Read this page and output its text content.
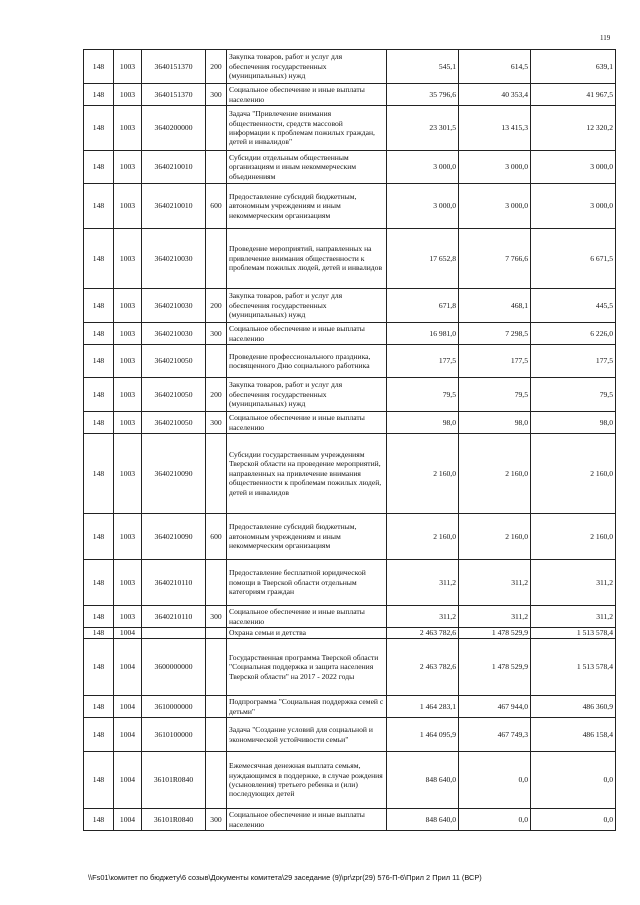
119
148	1003	3640151370	200	Закупка товаров, работ и услуг для обеспечения государственных (муниципальных) нужд	545,1	614,5	639,1
148	1003	3640151370	300	Социальное обеспечение и иные выплаты населению	35 796,6	40 353,4	41 967,5
148	1003	3640200000		Задача "Привлечение внимания общественности, средств массовой информации к проблемам пожилых граждан, детей и инвалидов"	23 301,5	13 415,3	12 320,2
148	1003	3640210010		Субсидии отдельным общественным организациям и иным некоммерческим объединениям	3 000,0	3 000,0	3 000,0
148	1003	3640210010	600	Предоставление субсидий бюджетным, автономным учреждениям и иным некоммерческим организациям	3 000,0	3 000,0	3 000,0
148	1003	3640210030		Проведение мероприятий, направленных на привлечение внимания общественности к проблемам пожилых людей, детей и инвалидов	17 652,8	7 766,6	6 671,5
148	1003	3640210030	200	Закупка товаров, работ и услуг для обеспечения государственных (муниципальных) нужд	671,8	468,1	445,5
148	1003	3640210030	300	Социальное обеспечение и иные выплаты населению	16 981,0	7 298,5	6 226,0
148	1003	3640210050		Проведение профессионального праздника, посвященного Дню социального работника	177,5	177,5	177,5
148	1003	3640210050	200	Закупка товаров, работ и услуг для обеспечения государственных (муниципальных) нужд	79,5	79,5	79,5
148	1003	3640210050	300	Социальное обеспечение и иные выплаты населению	98,0	98,0	98,0
148	1003	3640210090		Субсидии государственным учреждениям Тверской области на проведение мероприятий, направленных на привлечение внимания общественности к проблемам пожилых людей, детей и инвалидов	2 160,0	2 160,0	2 160,0
148	1003	3640210090	600	Предоставление субсидий бюджетным, автономным учреждениям и иным некоммерческим организациям	2 160,0	2 160,0	2 160,0
148	1003	3640210110		Предоставление бесплатной юридической помощи в Тверской области отдельным категориям граждан	311,2	311,2	311,2
148	1003	3640210110	300	Социальное обеспечение и иные выплаты населению	311,2	311,2	311,2
148	1004			Охрана семьи и детства	2 463 782,6	1 478 529,9	1 513 578,4
148	1004	3600000000		Государственная программа Тверской области "Социальная поддержка и защита населения Тверской области" на 2017 - 2022 годы	2 463 782,6	1 478 529,9	1 513 578,4
148	1004	3610000000		Подпрограмма "Социальная поддержка семей с детьми"	1 464 283,1	467 944,0	486 360,9
148	1004	3610100000		Задача "Создание условий для социальной и экономической устойчивости семьи"	1 464 095,9	467 749,3	486 158,4
148	1004	36101R0840		Ежемесячная денежная выплата семьям, нуждающимся в поддержке, в случае рождения (усыновления) третьего ребенка и (или) последующих детей	848 640,0	0,0	0,0
148	1004	36101R0840	300	Социальное обеспечение и иные выплаты населению	848 640,0	0,0	0,0
\\Fs01\комитет по бюджету\6 созыв\Документы комитета\29 заседание (9)\pr\zpr(29) 576-П-6\Прил 2 Прил 11 (ВСР)
